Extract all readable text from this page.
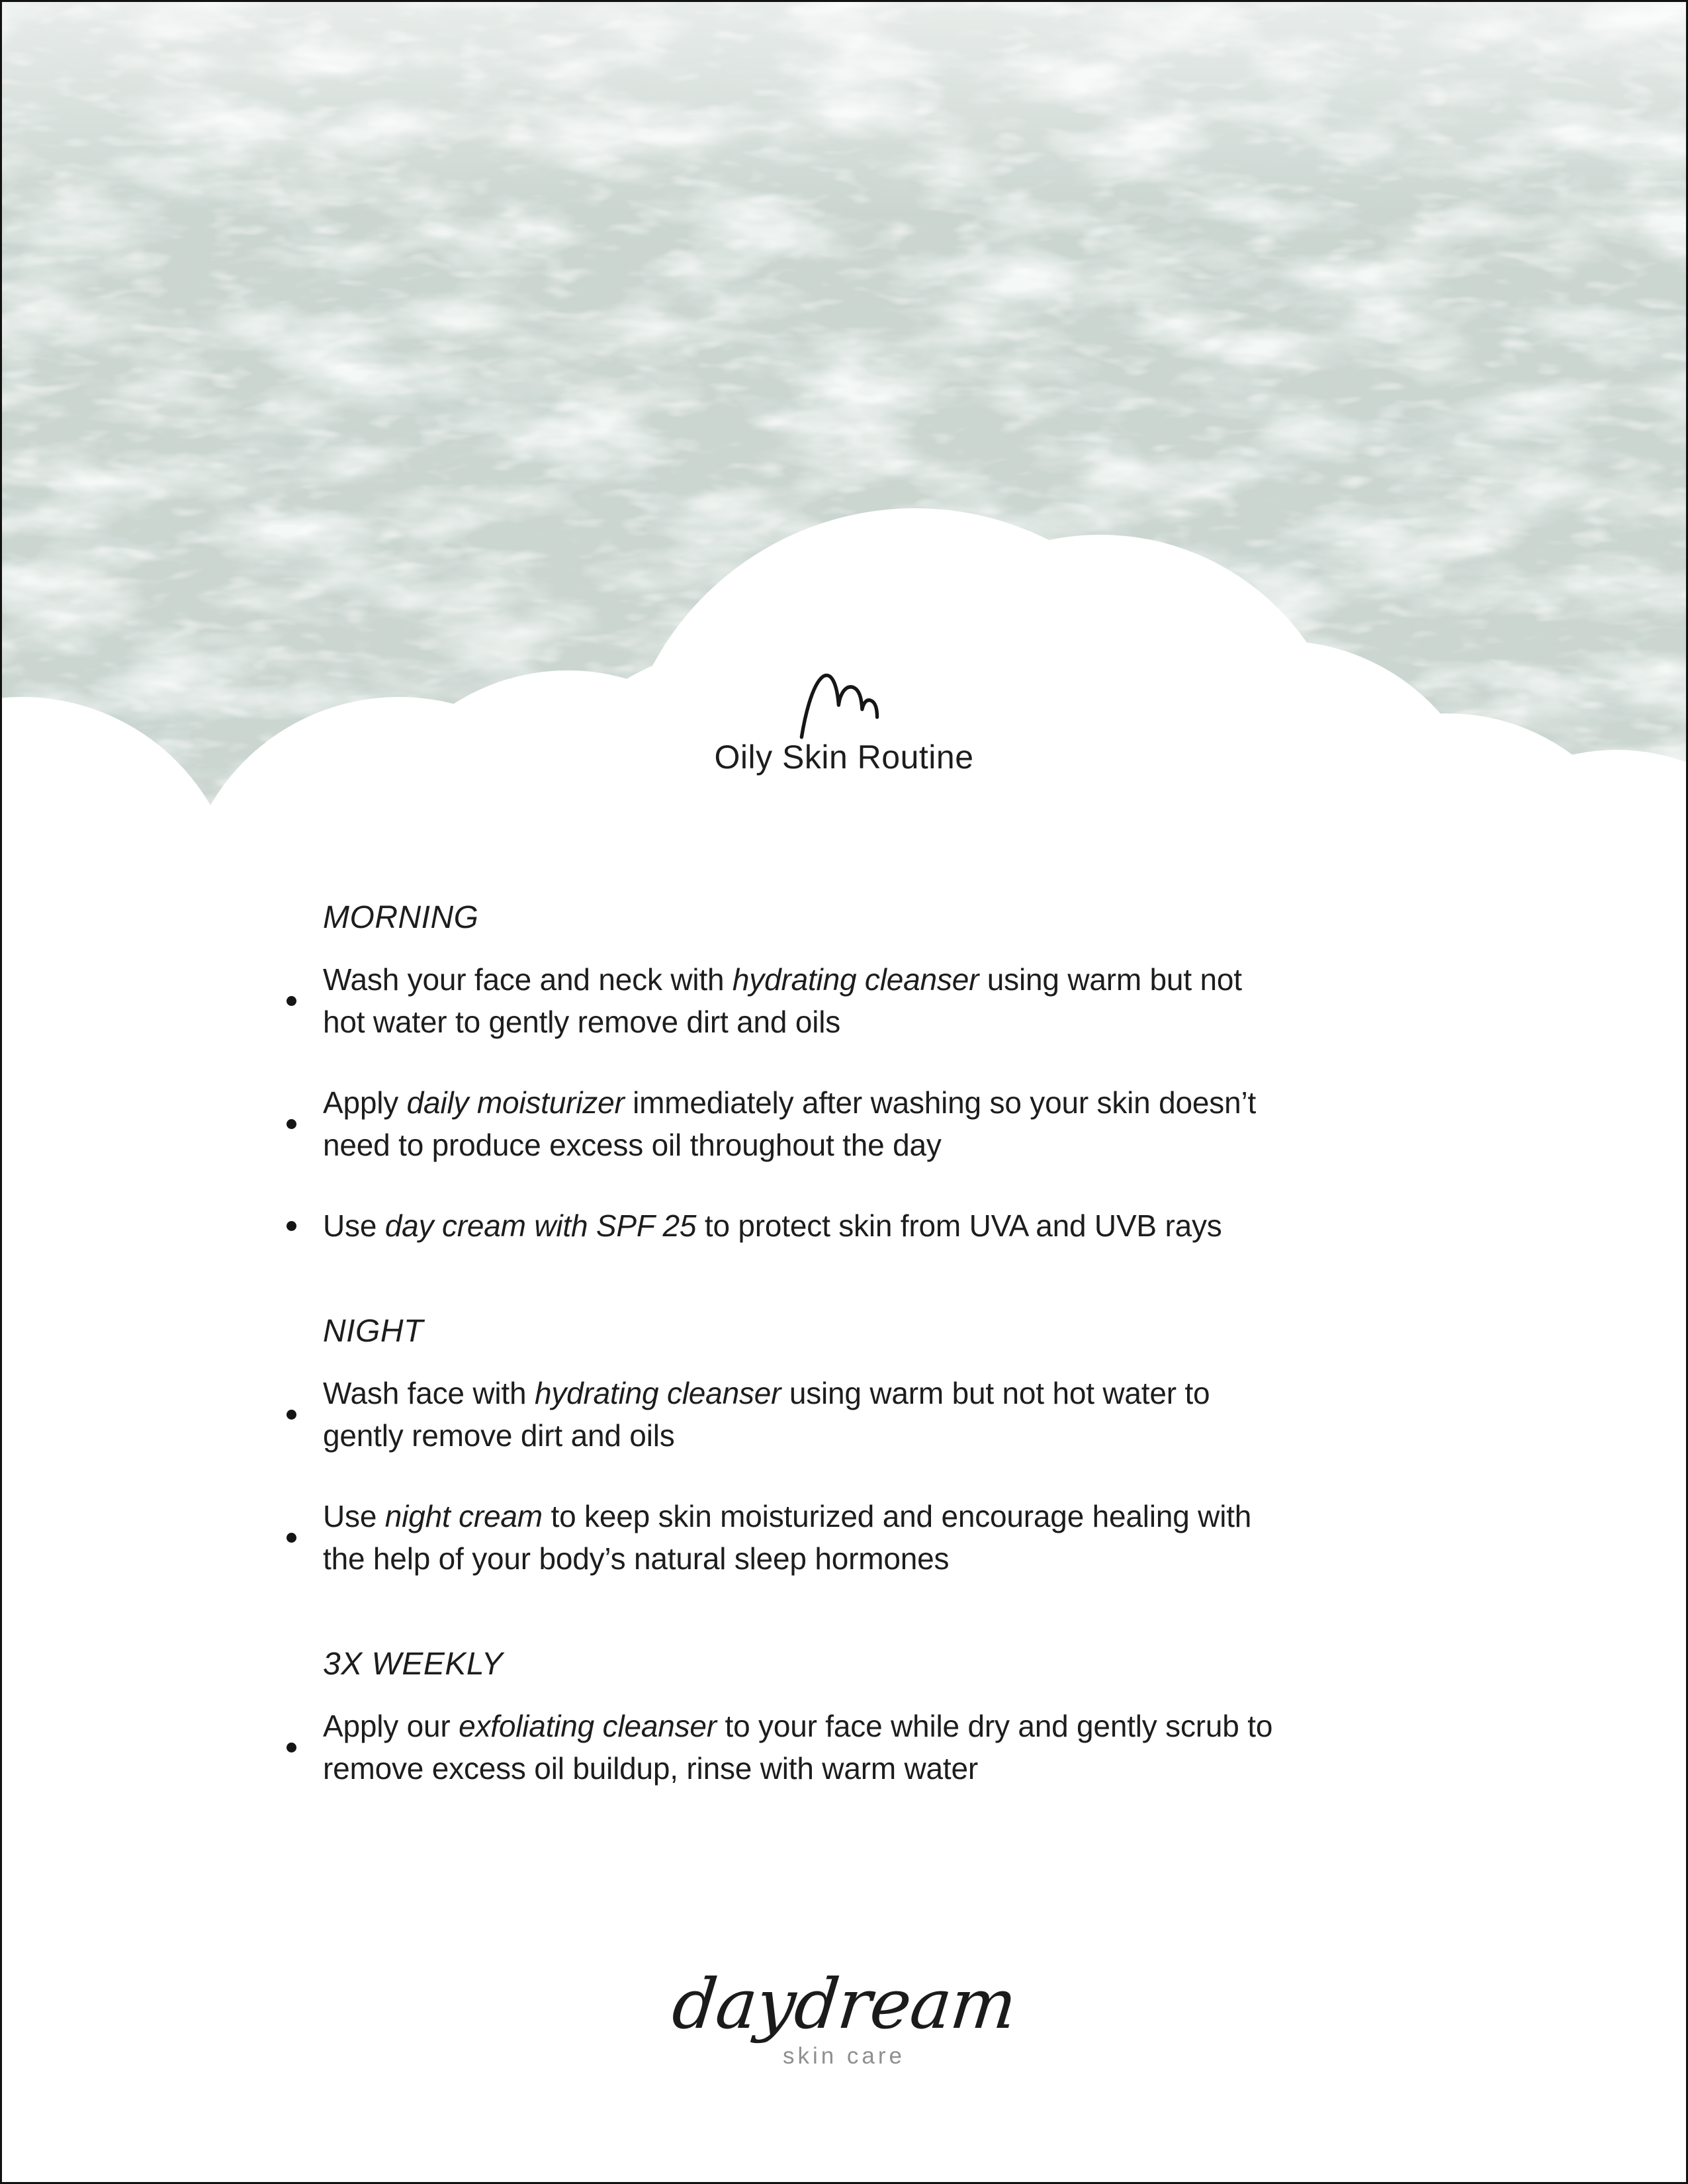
Oily Skin Routine
MORNING
Wash your face and neck with hydrating cleanser using warm but not
hot water to gently remove dirt and oils
Apply daily moisturizer immediately after washing so your skin doesn’t
need to produce excess oil throughout the day
Use day cream with SPF 25 to protect skin from UVA and UVB rays
NIGHT
Wash face with hydrating cleanser using warm but not hot water to
gently remove dirt and oils
Use night cream to keep skin moisturized and encourage healing with
the help of your body’s natural sleep hormones
3X WEEKLY
Apply our exfoliating cleanser to your face while dry and gently scrub to
remove excess oil buildup, rinse with warm water
daydream
skin care
